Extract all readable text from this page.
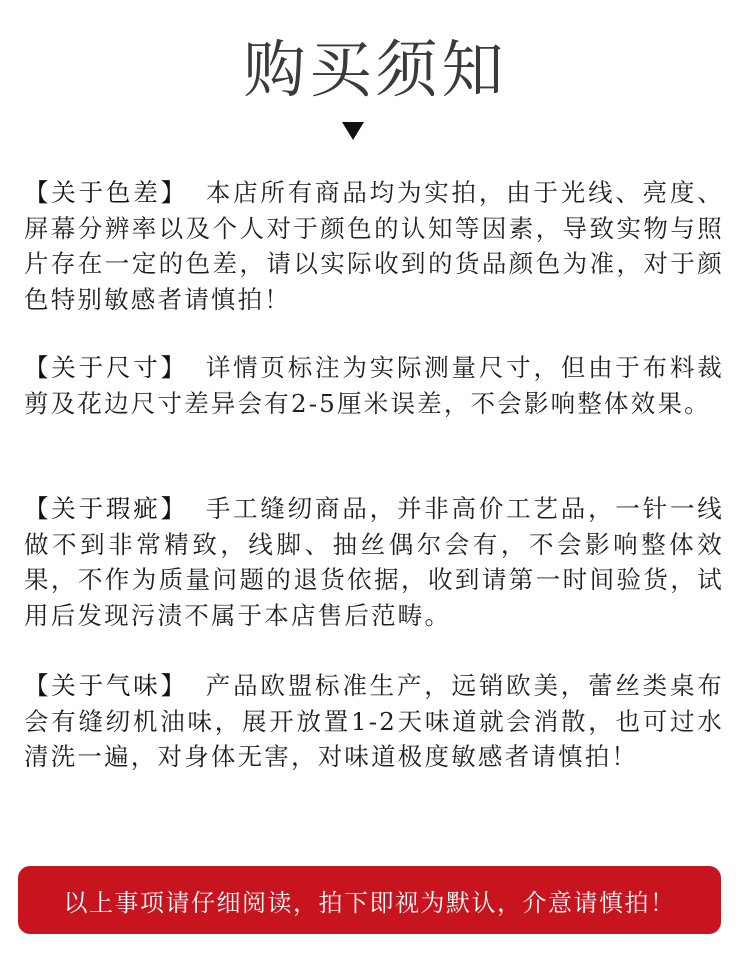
购买须知
【关于色差】 本店所有商品均为实拍，由于光线、亮度、屏幕分辨率以及个人对于颜色的认知等因素，导致实物与照片存在一定的色差，请以实际收到的货品颜色为准，对于颜色特别敏感者请慎拍！
【关于尺寸】 详情页标注为实际测量尺寸，但由于布料裁剪及花边尺寸差异会有2-5厘米误差，不会影响整体效果。
【关于瑕疵】 手工缝纫商品，并非高价工艺品，一针一线做不到非常精致，线脚、抽丝偶尔会有，不会影响整体效果，不作为质量问题的退货依据，收到请第一时间验货，试用后发现污渍不属于本店售后范畴。
【关于气味】 产品欧盟标准生产，远销欧美，蕾丝类桌布会有缝纫机油味，展开放置1-2天味道就会消散，也可过水清洗一遍，对身体无害，对味道极度敏感者请慎拍！
以上事项请仔细阅读，拍下即视为默认，介意请慎拍！
